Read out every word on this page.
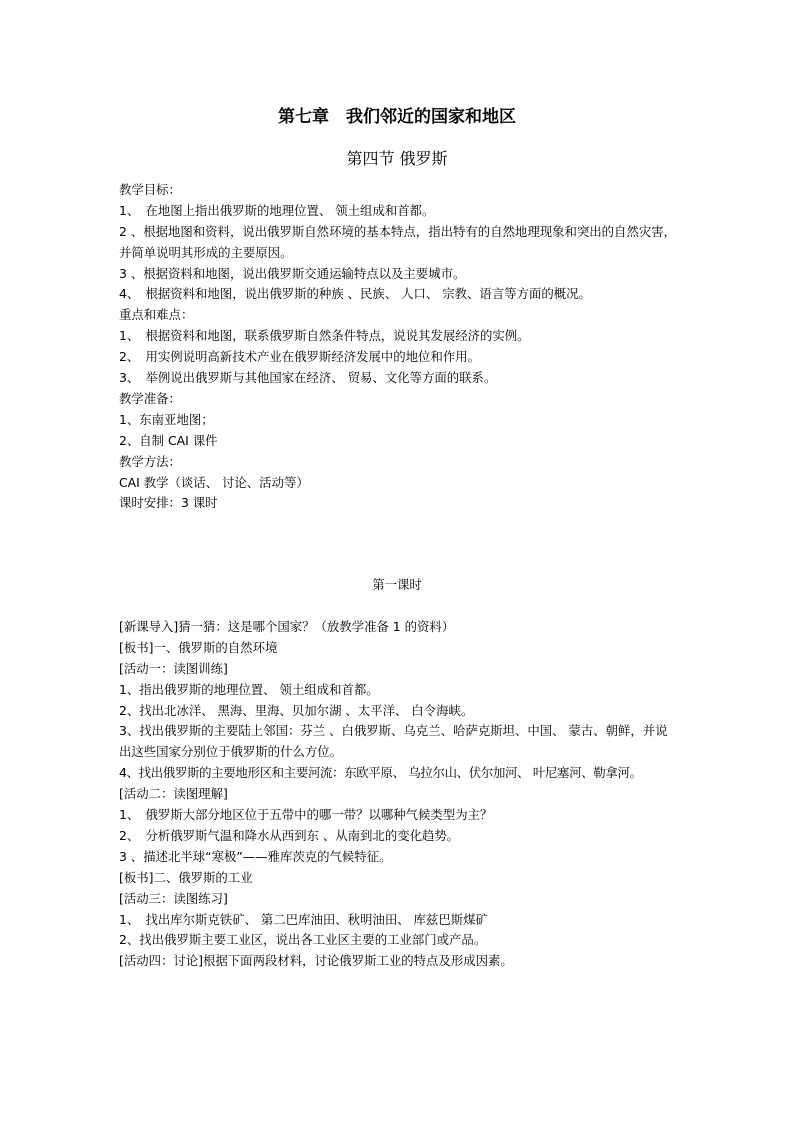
第七章　我们邻近的国家和地区
第四节 俄罗斯
教学目标：
1、　在地图上指出俄罗斯的地理位置、 领土组成和首都。
2 、根据地图和资料，说出俄罗斯自然环境的基本特点，指出特有的自然地理现象和突出的自然灾害，并简单说明其形成的主要原因。
3 、根据资料和地图，说出俄罗斯交通运输特点以及主要城市。
4、　根据资料和地图，说出俄罗斯的种族 、民族、 人口、 宗教、语言等方面的概况。
重点和难点：
1、　根据资料和地图，联系俄罗斯自然条件特点，说说其发展经济的实例。
2、　用实例说明高新技术产业在俄罗斯经济发展中的地位和作用。
3、　举例说出俄罗斯与其他国家在经济、 贸易、文化等方面的联系。
教学准备：
1、东南亚地图；
2、自制 CAI 课件
教学方法：
CAI 教学（谈话、 讨论、活动等）
课时安排：3 课时
第一课时
[新课导入]猜一猜：这是哪个国家？（放教学准备 1 的资料）
[板书]一、俄罗斯的自然环境
[活动一：读图训练]
1、指出俄罗斯的地理位置、 领土组成和首都。
2、找出北冰洋、 黑海、里海、贝加尔湖 、太平洋、 白令海峡。
3、找出俄罗斯的主要陆上邻国：芬兰 、白俄罗斯、乌克兰、哈萨克斯坦、中国、 蒙古、朝鲜，并说出这些国家分别位于俄罗斯的什么方位。
4、找出俄罗斯的主要地形区和主要河流：东欧平原、 乌拉尔山、伏尔加河、 叶尼塞河、勒拿河。
[活动二：读图理解]
1、　俄罗斯大部分地区位于五带中的哪一带？以哪种气候类型为主？
2、　分析俄罗斯气温和降水从西到东 、从南到北的变化趋势。
3 、描述北半球“寒极”——雅库茨克的气候特征。
[板书]二、俄罗斯的工业
[活动三：读图练习]
1、　找出库尔斯克铁矿、 第二巴库油田、秋明油田、 库兹巴斯煤矿
2、找出俄罗斯主要工业区，说出各工业区主要的工业部门或产品。
[活动四：讨论]根据下面两段材料，讨论俄罗斯工业的特点及形成因素。
